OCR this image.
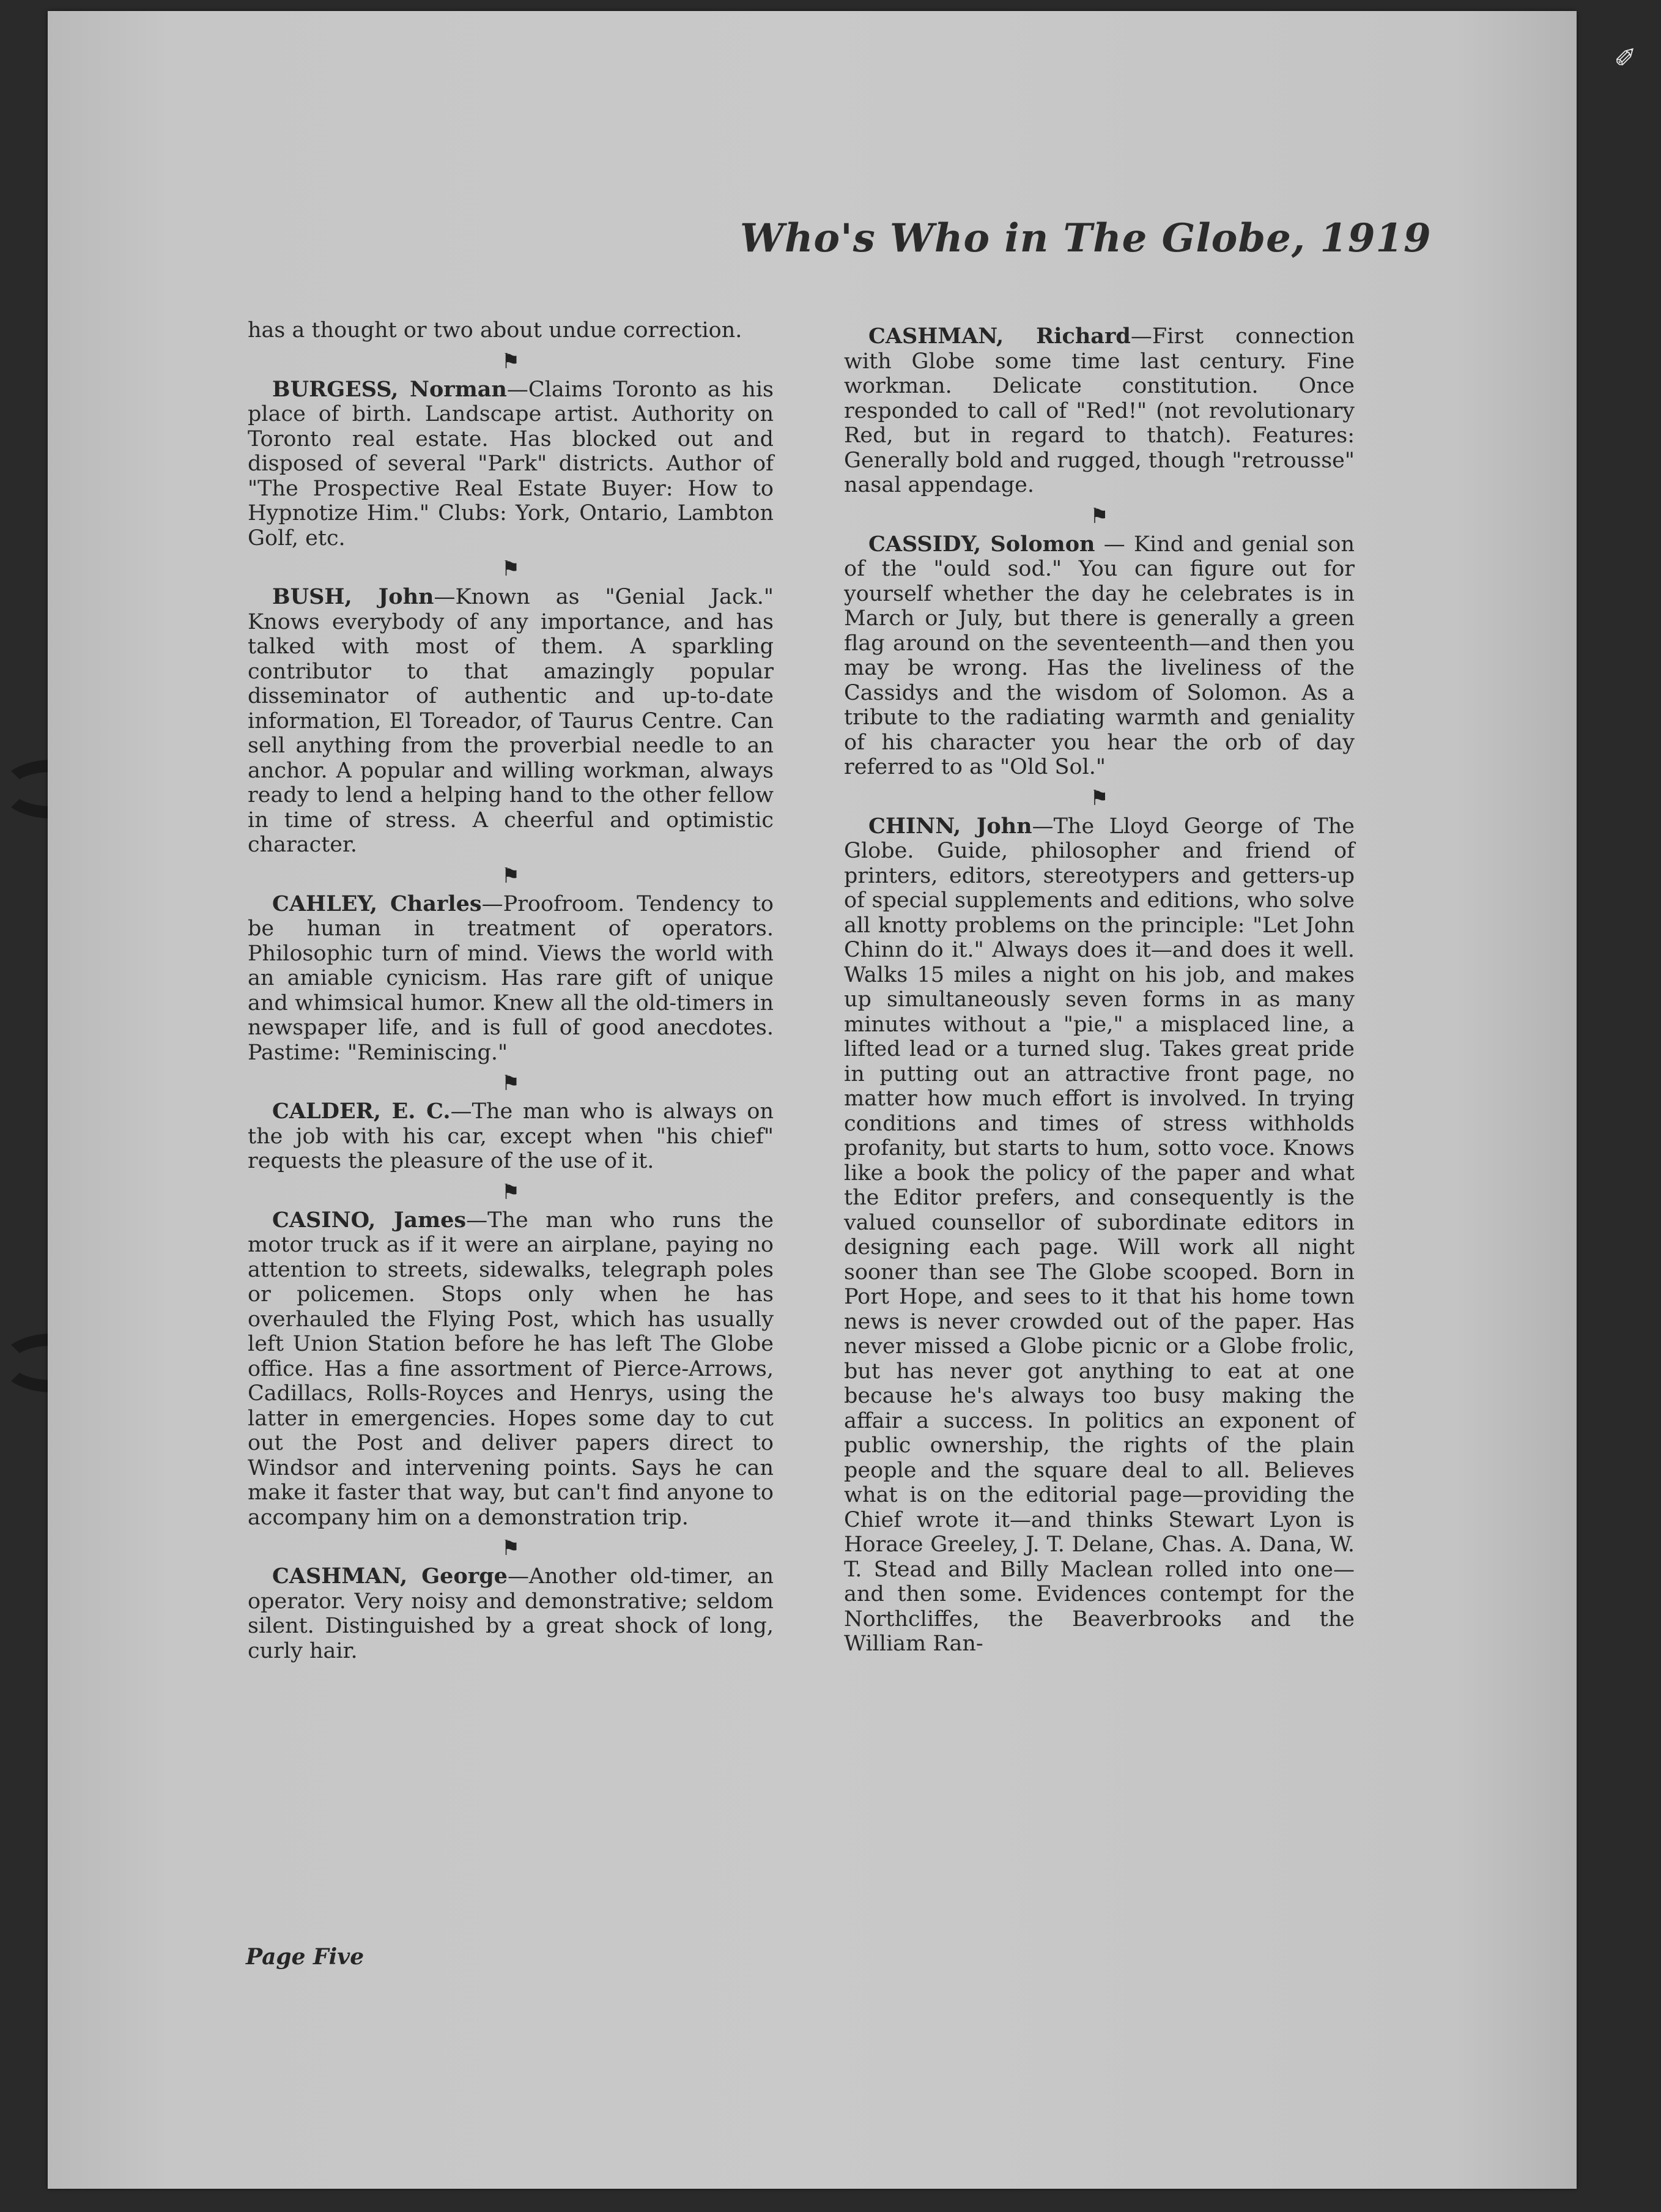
✐
Who's Who in The Globe, 1919

has a thought or two about undue correction.

⚑

BURGESS, Norman—Claims Toronto as his place of birth. Landscape artist. Authority on Toronto real estate. Has blocked out and disposed of several "Park" districts. Author of "The Prospective Real Estate Buyer: How to Hypnotize Him." Clubs: York, Ontario, Lambton Golf, etc.

⚑

BUSH, John—Known as "Genial Jack." Knows everybody of any importance, and has talked with most of them. A sparkling contributor to that amazingly popular disseminator of authentic and up-to-date information, El Toreador, of Taurus Centre. Can sell anything from the proverbial needle to an anchor. A popular and willing workman, always ready to lend a helping hand to the other fellow in time of stress. A cheerful and optimistic character.

⚑

CAHLEY, Charles—Proofroom. Tendency to be human in treatment of operators. Philosophic turn of mind. Views the world with an amiable cynicism. Has rare gift of unique and whimsical humor. Knew all the old-timers in newspaper life, and is full of good anecdotes. Pastime: "Reminiscing."

⚑

CALDER, E. C.—The man who is always on the job with his car, except when "his chief" requests the pleasure of the use of it.

⚑

CASINO, James—The man who runs the motor truck as if it were an airplane, paying no attention to streets, sidewalks, telegraph poles or policemen. Stops only when he has overhauled the Flying Post, which has usually left Union Station before he has left The Globe office. Has a fine assortment of Pierce-Arrows, Cadillacs, Rolls-Royces and Henrys, using the latter in emergencies. Hopes some day to cut out the Post and deliver papers direct to Windsor and intervening points. Says he can make it faster that way, but can't find anyone to accompany him on a demonstration trip.

⚑

CASHMAN, George—Another old-timer, an operator. Very noisy and demonstrative; seldom silent. Distinguished by a great shock of long, curly hair.

CASHMAN, Richard—First connection with Globe some time last century. Fine workman. Delicate constitution. Once responded to call of "Red!" (not revolutionary Red, but in regard to thatch). Features: Generally bold and rugged, though "retrousse" nasal appendage.

⚑

CASSIDY, Solomon — Kind and genial son of the "ould sod." You can figure out for yourself whether the day he celebrates is in March or July, but there is generally a green flag around on the seventeenth—and then you may be wrong. Has the liveliness of the Cassidys and the wisdom of Solomon. As a tribute to the radiating warmth and geniality of his character you hear the orb of day referred to as "Old Sol."

⚑

CHINN, John—The Lloyd George of The Globe. Guide, philosopher and friend of printers, editors, stereotypers and getters-up of special supplements and editions, who solve all knotty problems on the principle: "Let John Chinn do it." Always does it—and does it well. Walks 15 miles a night on his job, and makes up simultaneously seven forms in as many minutes without a "pie," a misplaced line, a lifted lead or a turned slug. Takes great pride in putting out an attractive front page, no matter how much effort is involved. In trying conditions and times of stress withholds profanity, but starts to hum, sotto voce. Knows like a book the policy of the paper and what the Editor prefers, and consequently is the valued counsellor of subordinate editors in designing each page. Will work all night sooner than see The Globe scooped. Born in Port Hope, and sees to it that his home town news is never crowded out of the paper. Has never missed a Globe picnic or a Globe frolic, but has never got anything to eat at one because he's always too busy making the affair a success. In politics an exponent of public ownership, the rights of the plain people and the square deal to all. Believes what is on the editorial page—providing the Chief wrote it—and thinks Stewart Lyon is Horace Greeley, J. T. Delane, Chas. A. Dana, W. T. Stead and Billy Maclean rolled into one—and then some. Evidences contempt for the Northcliffes, the Beaverbrooks and the William Ran-

Page Five
